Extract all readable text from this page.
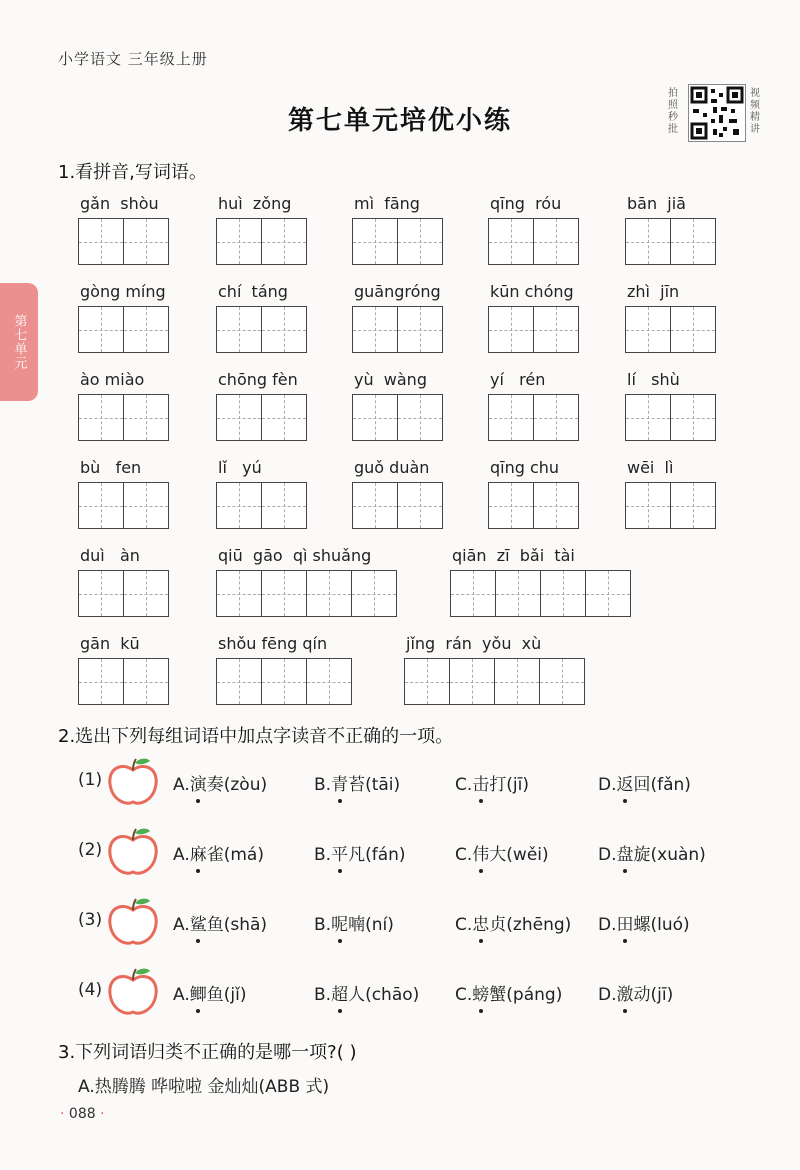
小学语文 三年级上册
第七单元培优小练
拍照秒批
视频精讲
第七单元
1.看拼音,写词语。
gǎn  shòu	huì  zǒng	mì  fāng	qīng  róu	bān  jiā
gòng míng	chí  táng	guāngróng	kūn chóng	zhì  jīn
ào miào	chōng fèn	yù  wàng	yí   rén	lí   shù
bù   fen	lǐ   yú	guǒ duàn	qīng chu	wēi  lì
duì   àn	qiū  gāo  qì shuǎng	qiān  zī  bǎi  tài
gān  kū	shǒu fēng qín	jǐng  rán  yǒu  xù
2.选出下列每组词语中加点字读音不正确的一项。
(1)	A.演奏(zòu)	B.青苔(tāi)	C.击打(jī)	D.返回(fǎn)
(2)	A.麻雀(má)	B.平凡(fán)	C.伟大(wěi)	D.盘旋(xuàn)
(3)	A.鲨鱼(shā)	B.呢喃(ní)	C.忠贞(zhēng) D.田螺(luó)
(4)	A.鲫鱼(jǐ)	B.超人(chāo) C.螃蟹(páng) D.激动(jī)
3.下列词语归类不正确的是哪一项?( )
A.热腾腾 哗啦啦 金灿灿(ABB 式)
· 088 ·
